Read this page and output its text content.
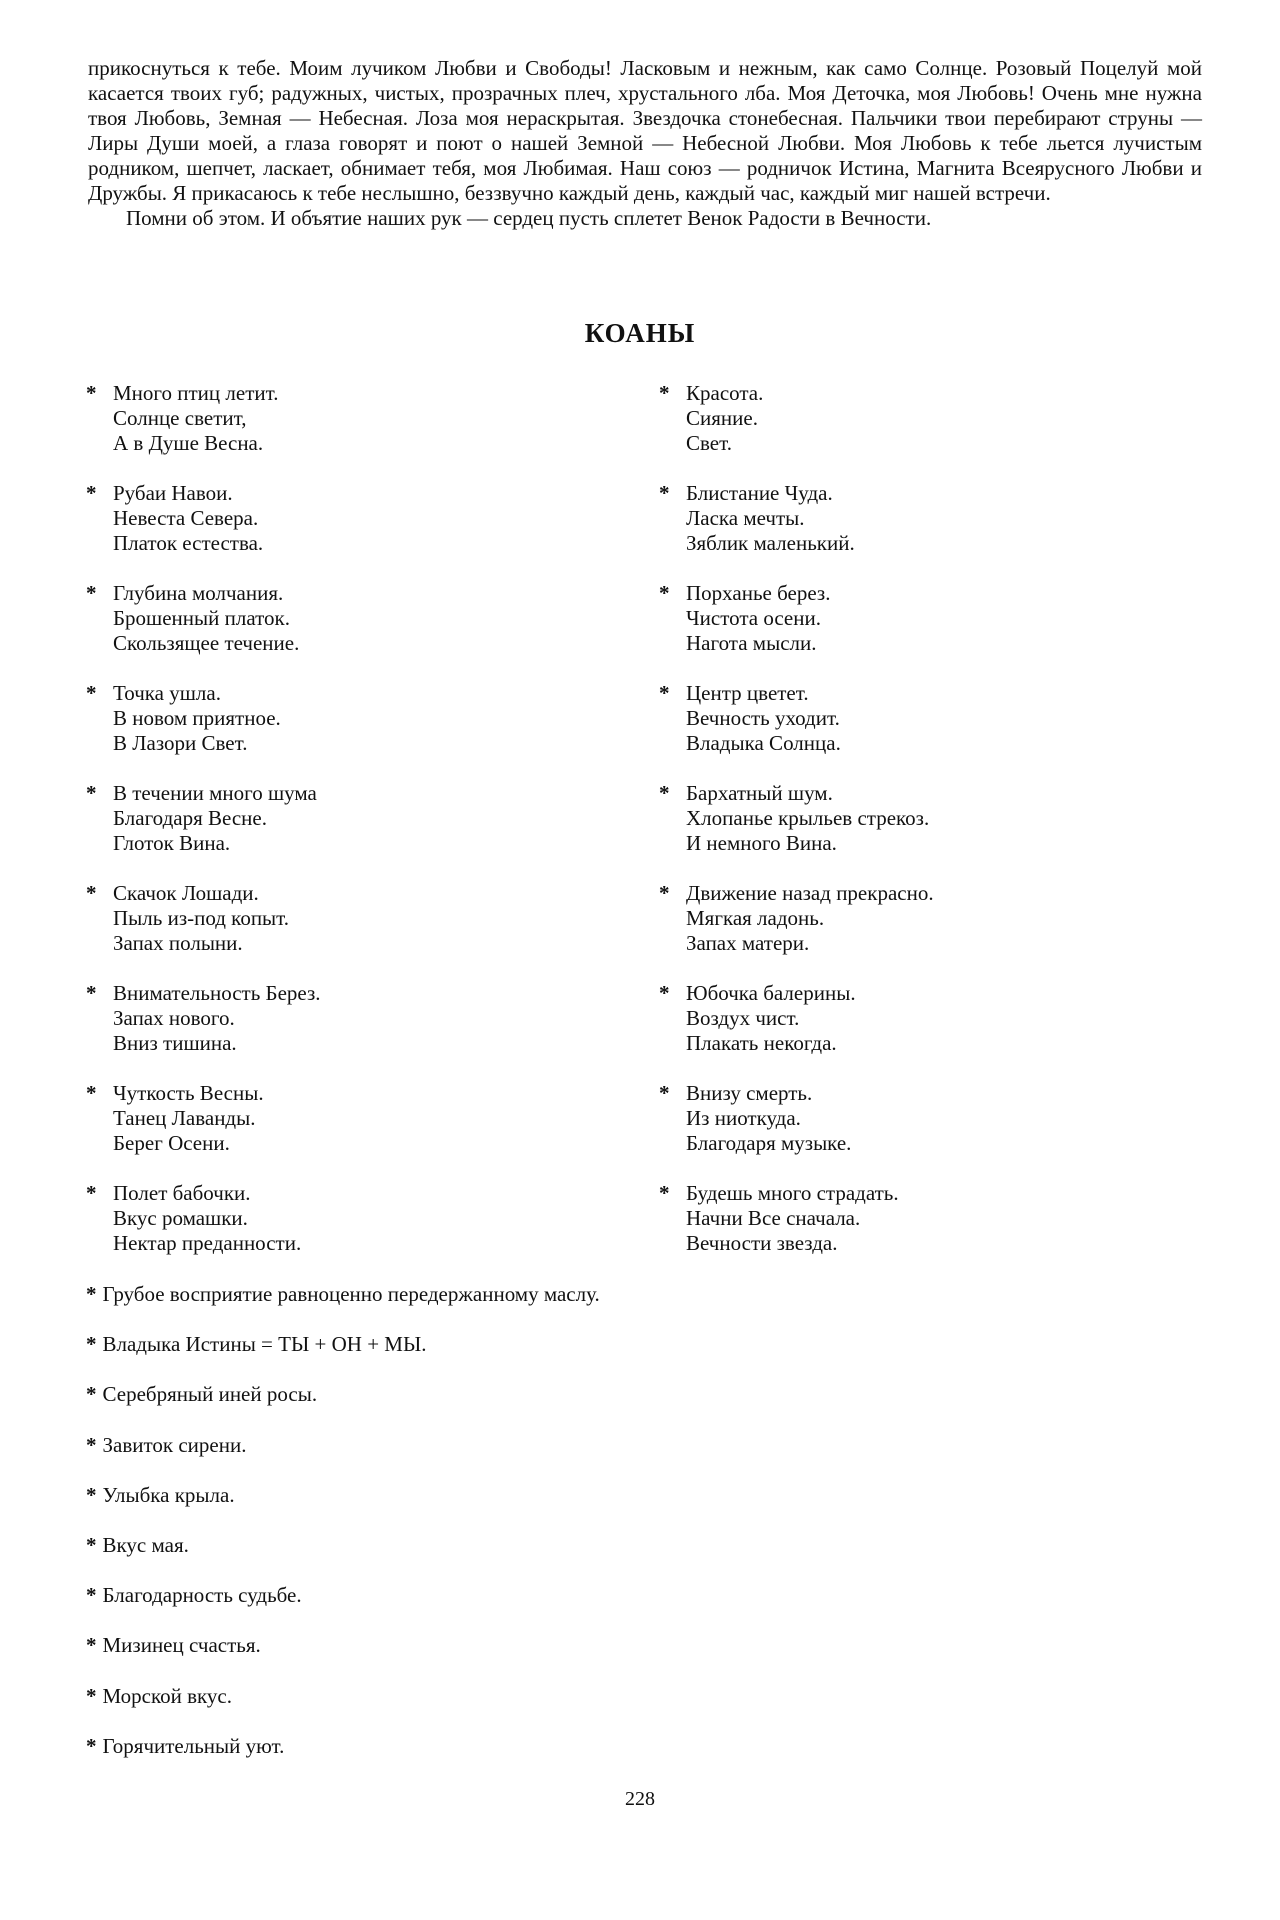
прикоснуться к тебе. Моим лучиком Любви и Свободы! Ласковым и нежным, как само Солнце. Розовый Поцелуй мой касается твоих губ; радужных, чистых, прозрачных плеч, хрустального лба. Моя Деточка, моя Любовь! Очень мне нужна твоя Любовь, Земная — Небесная. Лоза моя нераскрытая. Звездочка стонебесная. Пальчики твои перебирают струны — Лиры Души моей, а глаза говорят и поют о нашей Земной — Небесной Любви. Моя Любовь к тебе льется лучистым родником, шепчет, ласкает, обнимает тебя, моя Любимая. Наш союз — родничок Истина, Магнита Всеярусного Любви и Дружбы. Я прикасаюсь к тебе неслышно, беззвучно каждый день, каждый час, каждый миг нашей встречи.

Помни об этом. И объятие наших рук — сердец пусть сплетет Венок Радости в Вечности.

КОАНЫ
* Много птиц летит.
Солнце светит,
А в Душе Весна.
* Рубаи Навои.
Невеста Севера.
Платок естества.
* Глубина молчания.
Брошенный платок.
Скользящее течение.
* Точка ушла.
В новом приятное.
В Лазори Свет.
* В течении много шума
Благодаря Весне.
Глоток Вина.
* Скачок Лошади.
Пыль из-под копыт.
Запах полыни.
* Внимательность Берез.
Запах нового.
Вниз тишина.
* Чуткость Весны.
Танец Лаванды.
Берег Осени.
* Полет бабочки.
Вкус ромашки.
Нектар преданности.
* Красота.
Сияние.
Свет.
* Блистание Чуда.
Ласка мечты.
Зяблик маленький.
* Порханье берез.
Чистота осени.
Нагота мысли.
* Центр цветет.
Вечность уходит.
Владыка Солнца.
* Бархатный шум.
Хлопанье крыльев стрекоз.
И немного Вина.
* Движение назад прекрасно.
Мягкая ладонь.
Запах матери.
* Юбочка балерины.
Воздух чист.
Плакать некогда.
* Внизу смерть.
Из ниоткуда.
Благодаря музыке.
* Будешь много страдать.
Начни Все сначала.
Вечности звезда.
* Грубое восприятие равноценно передержанному маслу.
* Владыка Истины = ТЫ + ОН + МЫ.
* Серебряный иней росы.
* Завиток сирени.
* Улыбка крыла.
* Вкус мая.
* Благодарность судьбе.
* Мизинец счастья.
* Морской вкус.
* Горячительный уют.
228
